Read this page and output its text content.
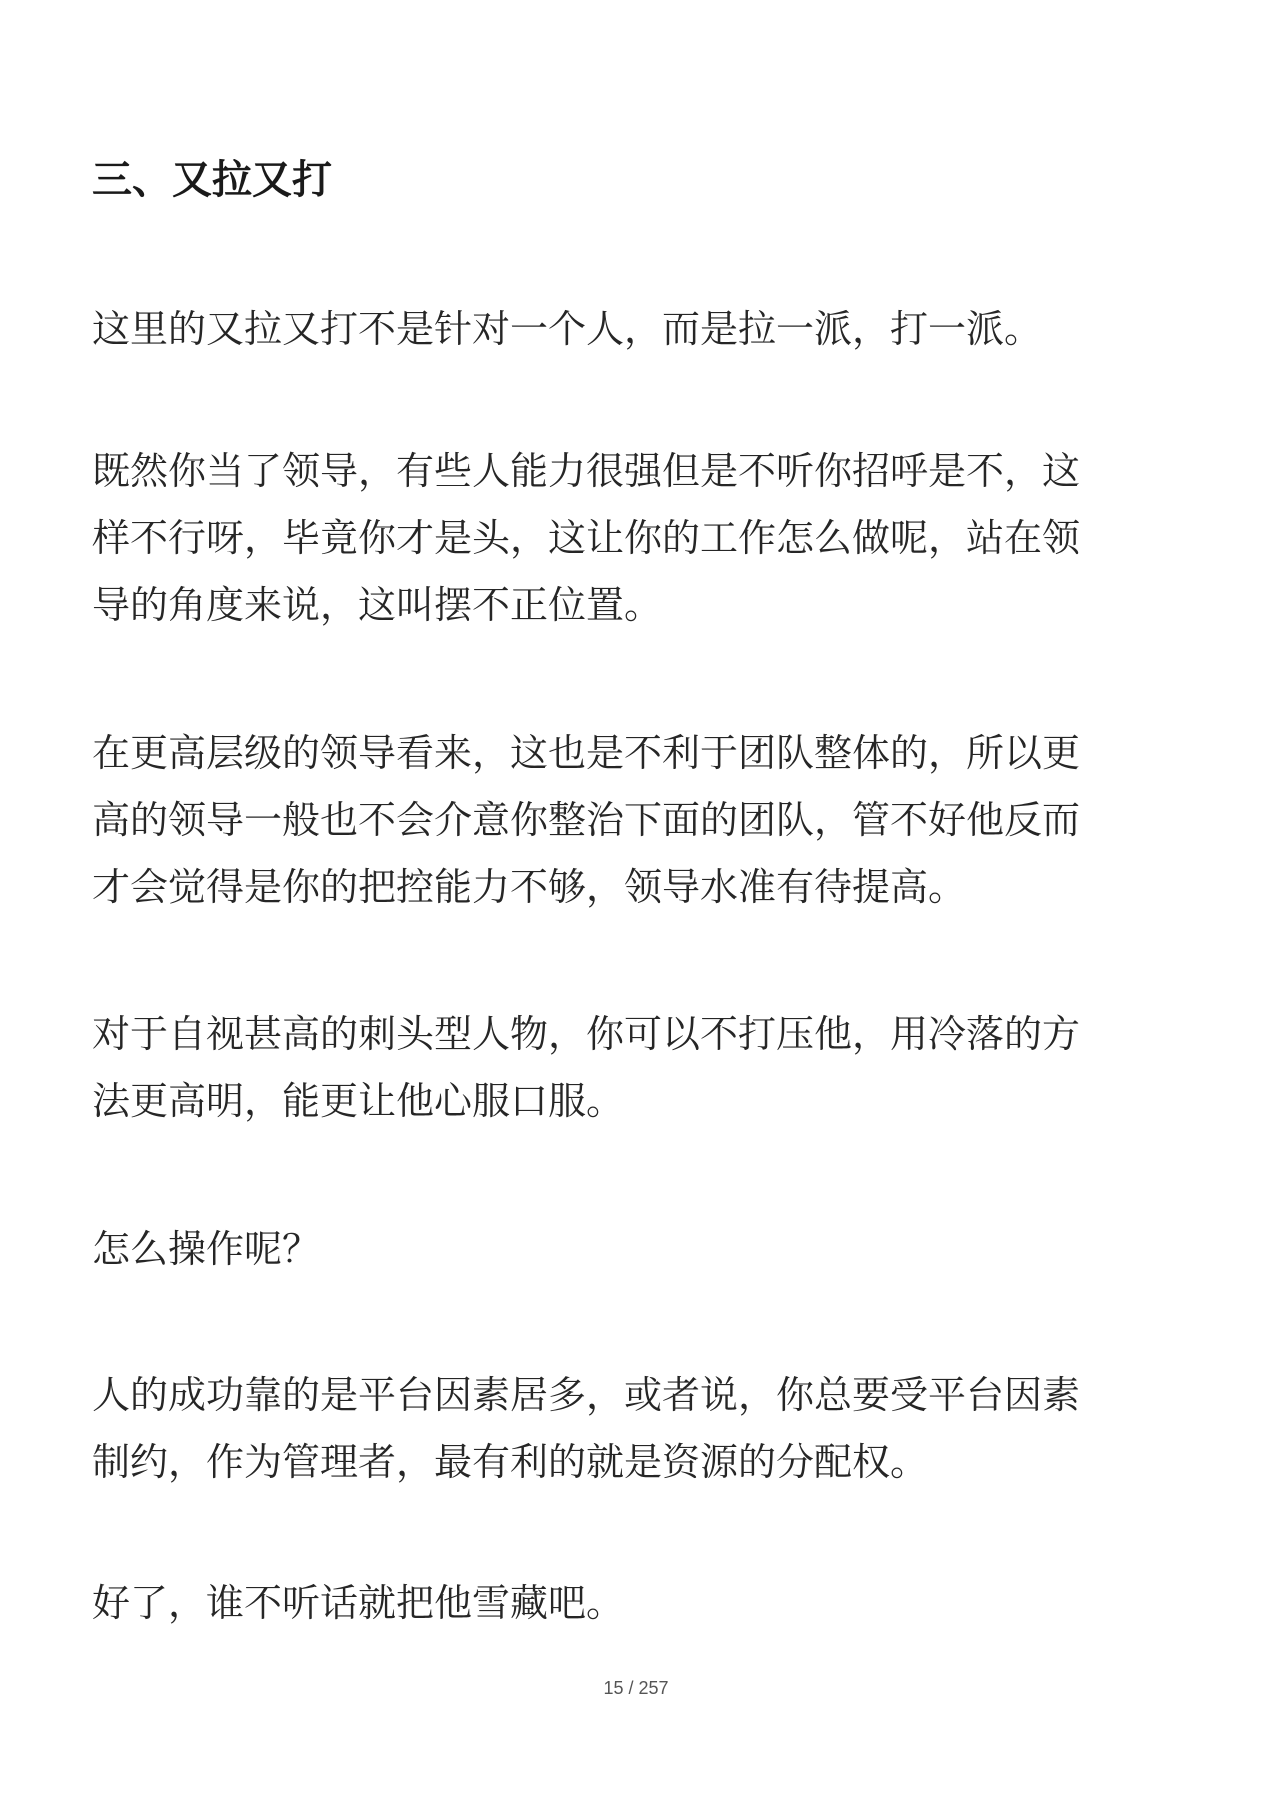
三、又拉又打

这里的又拉又打不是针对一个人，而是拉一派，打一派。

既然你当了领导，有些人能力很强但是不听你招呼是不，这
样不行呀，毕竟你才是头，这让你的工作怎么做呢，站在领
导的角度来说，这叫摆不正位置。

在更高层级的领导看来，这也是不利于团队整体的，所以更
高的领导一般也不会介意你整治下面的团队，管不好他反而
才会觉得是你的把控能力不够，领导水准有待提高。

对于自视甚高的刺头型人物，你可以不打压他，用冷落的方
法更高明，能更让他心服口服。

怎么操作呢？

人的成功靠的是平台因素居多，或者说，你总要受平台因素
制约，作为管理者，最有利的就是资源的分配权。

好了，谁不听话就把他雪藏吧。

15 / 257
